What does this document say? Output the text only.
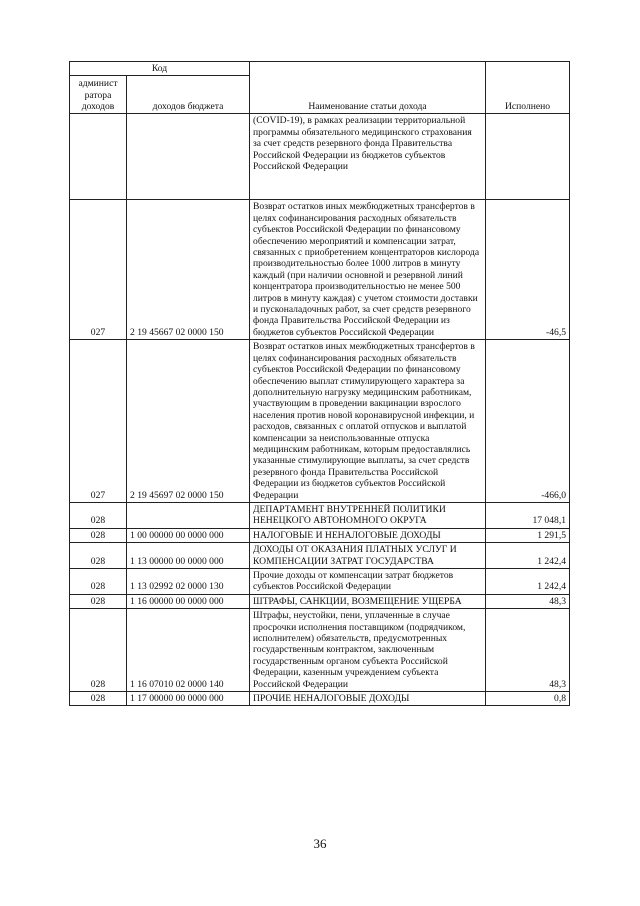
Код		Наименование статьи дохода	Исполнено
админист ратора доходов	доходов бюджета		
		(COVID-19), в рамках реализации территориальной программы обязательного медицинского страхования за счет средств резервного фонда Правительства Российской Федерации из бюджетов субъектов Российской Федерации	
027	2 19 45667 02 0000 150	Возврат остатков иных межбюджетных трансфертов в целях софинансирования расходных обязательств субъектов Российской Федерации по финансовому обеспечению мероприятий и компенсации затрат, связанных с приобретением концентраторов кислорода производительностью более 1000 литров в минуту каждый (при наличии основной и резервной линий концентратора производительностью не менее 500 литров в минуту каждая) с учетом стоимости доставки и пусконаладочных работ, за счет средств резервного фонда Правительства Российской Федерации из бюджетов субъектов Российской Федерации	-46,5
027	2 19 45697 02 0000 150	Возврат остатков иных межбюджетных трансфертов в целях софинансирования расходных обязательств субъектов Российской Федерации по финансовому обеспечению выплат стимулирующего характера за дополнительную нагрузку медицинским работникам, участвующим в проведении вакцинации взрослого населения против новой коронавирусной инфекции, и расходов, связанных с оплатой отпусков и выплатой компенсации за неиспользованные отпуска медицинским работникам, которым предоставлялись указанные стимулирующие выплаты, за счет средств резервного фонда Правительства Российской Федерации из бюджетов субъектов Российской Федерации	-466,0
028		ДЕПАРТАМЕНТ ВНУТРЕННЕЙ ПОЛИТИКИ НЕНЕЦКОГО АВТОНОМНОГО ОКРУГА	17 048,1
028	1 00 00000 00 0000 000	НАЛОГОВЫЕ И НЕНАЛОГОВЫЕ ДОХОДЫ	1 291,5
028	1 13 00000 00 0000 000	ДОХОДЫ ОТ ОКАЗАНИЯ ПЛАТНЫХ УСЛУГ И КОМПЕНСАЦИИ ЗАТРАТ ГОСУДАРСТВА	1 242,4
028	1 13 02992 02 0000 130	Прочие доходы от компенсации затрат бюджетов субъектов Российской Федерации	1 242,4
028	1 16 00000 00 0000 000	ШТРАФЫ, САНКЦИИ, ВОЗМЕЩЕНИЕ УЩЕРБА	48,3
028	1 16 07010 02 0000 140	Штрафы, неустойки, пени, уплаченные в случае просрочки исполнения поставщиком (подрядчиком, исполнителем) обязательств, предусмотренных государственным контрактом, заключенным государственным органом субъекта Российской Федерации, казенным учреждением субъекта Российской Федерации	48,3
028	1 17 00000 00 0000 000	ПРОЧИЕ НЕНАЛОГОВЫЕ ДОХОДЫ	0,8
36
